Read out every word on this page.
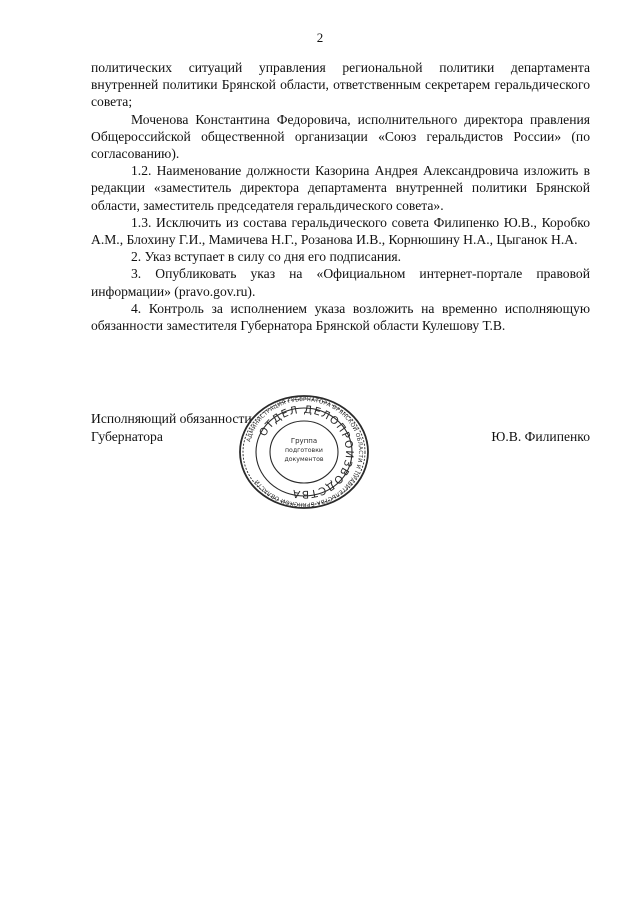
2

политических ситуаций управления региональной политики департамента внутренней политики Брянской области, ответственным секретарем геральдического совета;

Моченова Константина Федоровича, исполнительного директора правления Общероссийской общественной организации «Союз геральдистов России» (по согласованию).

1.2. Наименование должности Казорина Андрея Александровича изложить в редакции «заместитель директора департамента внутренней политики Брянской области, заместитель председателя геральдического совета».

1.3. Исключить из состава геральдического совета Филипенко Ю.В., Коробко А.М., Блохину Г.И., Мамичева Н.Г., Розанова И.В., Корнюшину Н.А., Цыганок Н.А.

2. Указ вступает в силу со дня его подписания.

3. Опубликовать указ на «Официальном интернет-портале правовой информации» (pravo.gov.ru).

4. Контроль за исполнением указа возложить на временно исполняющую обязанности заместителя Губернатора Брянской области Кулешову Т.В.

Исполняющий обязанности
Губернатора	Ю.В. Филипенко
АДМИНИСТРАЦИЯ ГУБЕРНАТОРА БРЯНСКОЙ ОБЛАСТИ И ПРАВИТЕЛЬСТВА БРЯНСКОЙ ОБЛАСТИ
ОТДЕЛ ДЕЛОПРОИЗВОДСТВА
Группа
подготовки
документов
